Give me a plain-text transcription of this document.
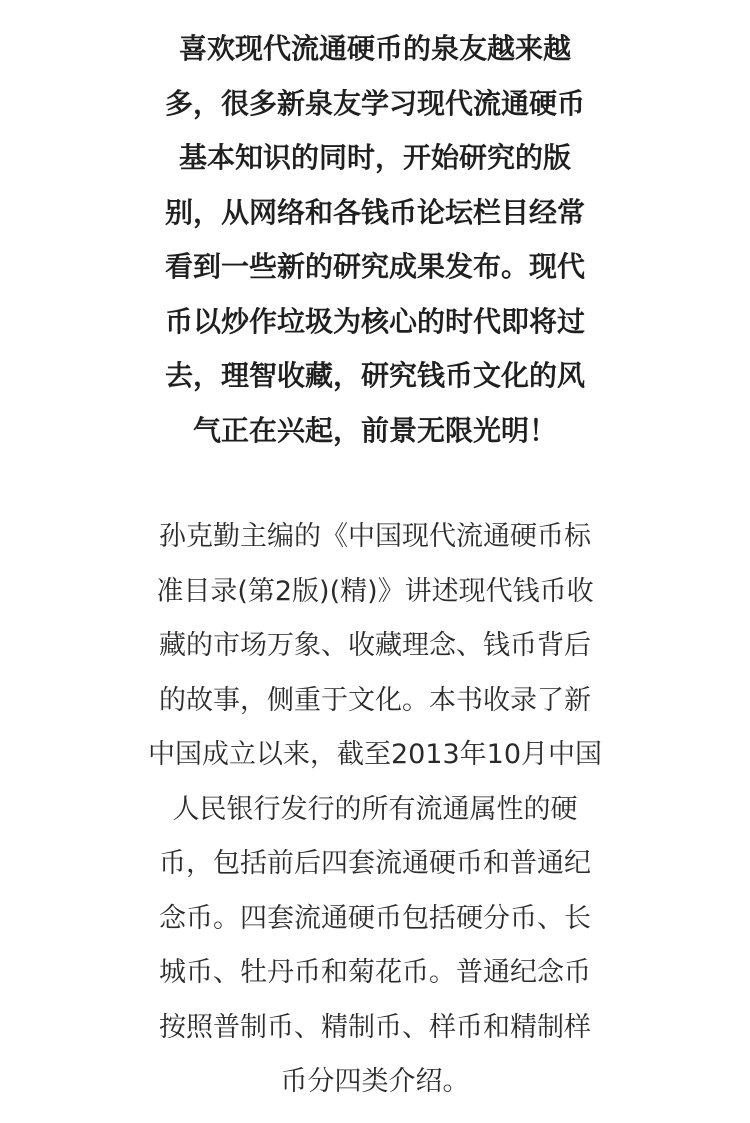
喜欢现代流通硬币的泉友越来越
多，很多新泉友学习现代流通硬币
基本知识的同时，开始研究的版
别，从网络和各钱币论坛栏目经常
看到一些新的研究成果发布。现代
币以炒作垃圾为核心的时代即将过
去，理智收藏，研究钱币文化的风
气正在兴起，前景无限光明！

孙克勤主编的《中国现代流通硬币标
准目录(第2版)(精)》讲述现代钱币收
藏的市场万象、收藏理念、钱币背后
的故事，侧重于文化。本书收录了新
中国成立以来，截至2013年10月中国
人民银行发行的所有流通属性的硬
币，包括前后四套流通硬币和普通纪
念币。四套流通硬币包括硬分币、长
城币、牡丹币和菊花币。普通纪念币
按照普制币、精制币、样币和精制样
币分四类介绍。
